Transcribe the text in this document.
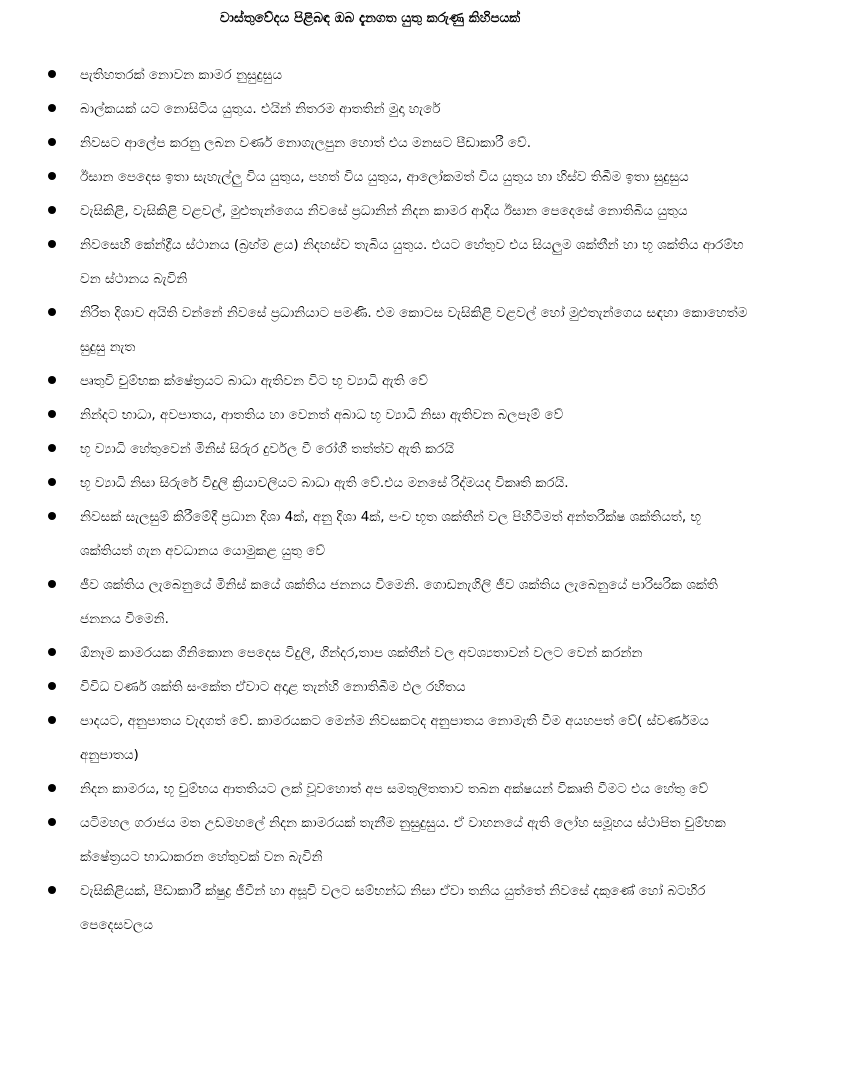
වාස්තුවේදය පිළිබඳ ඔබ දැනගත යුතු කරුණු කිහිපයක්
පැතිහතරක් නොවන කාමර නුසුදුසුය
බාල්කයක් යට නොසිටිය යුතුය. එයින් නිතරම ආතතින් මුදා හැරේ
නිවසට ආලේප කරනු ලබන වර්ණ නොගැලපුන හොත් එය මනසට පීඩාකාරී වේ.
ඊසාන පෙදෙස ඉතා සැහැල්ලු විය යුතුය, පහත් විය යුතුය, ආලෝකමත් විය යුතුය හා හිස්ව තිබීම ඉතා සුදුසුය
වැසිකිළි, වැසිකිළි වළවල්, මුළුතැන්ගෙය නිවසේ ප්‍රධානින් නිදන කාමර ආදිය ඊසාන පෙදෙසේ නොතිබිය යුතුය
නිවසෙහි කේන්ද්‍රීය ස්ථානය (බ්‍රහ්ම ළය) නිදහස්ව තැබිය යුතුය. එයට හේතුව එය සියලුම ශක්තීන් හා භූ ශක්තිය ආරම්භ වන ස්ථානය බැවිනි
නිරිත දිශාව අයිති වන්නේ නිවසේ ප්‍රධානියාට පමණි. එම කොටස වැසිකිළි වළවල් හෝ මුළුතැන්ගෙය සඳහා කොහෙත්ම සුදුසු නැත
පෘතුවි චුම්භක ක්ෂේත්‍රයට බාධා ඇතිවන විට භූ ව්‍යාධි ඇති වේ
නින්දට භාධා, අවපාතය, ආතතිය හා වෙනත් අබාධ භූ ව්‍යාධි නිසා ඇතිවන බලපෑම් වේ
භූ ව්‍යාධි හේතුවෙන් මිනිස් සිරුර දුර්වල වී රෝගී තත්ත්ව ඇති කරයි
භූ ව්‍යාධි නිසා සිරුරේ විදුලි ක්‍රියාවලියට බාධා ඇති වේ.එය මනසේ රිද්මයද විකෘති කරයි.
නිවසක් සැලසුම් කිරීමේදී ප්‍රධාන දිශා 4ක්, අනු දිශා 4ක්, පංච භූත ශක්තීන් වල පිහිටීමත් අන්තරීක්ෂ ශක්තියත්, භූ ශක්තියත් ගැන අවධානය යොමුකළ යුතු වේ
ජීව ශක්තිය ලැබෙනුයේ මිනිස් කයේ ශක්තිය ජනනය වීමෙනි. ගොඩනැගිලි ජීව ශක්තිය ලැබෙනුයේ පාරිසරික ශක්ති ජනනය වීමෙනි.
ඕනෑම කාමරයක ගිනිකොන පෙදෙස විදුලි, ගින්දර,තාප ශක්තීන් වල අවශ්‍යතාවන් වලට වෙන් කරන්න
විවිධ වර්ණ ශක්ති සංකේත ඒවාට අදාළ තැන්හි නොතිබීම ඵල රහිතය
පාදයට, අනුපාතය වැදගත් වේ. කාමරයකට මෙන්ම නිවසකටද අනුපාතය නොමැති වීම අයහපත් වේ( ස්වර්ණමය අනුපාතය)
නිදන කාමරය, භූ චුම්භය ආතතියට ලක් වූවහොත් අප සමතුලිතතාව තබන අක්ෂයන් විකෘති වීමට එය හේතු වේ
යටිමහල ගරාජය මත උඩමහලේ නිදන කාමරයක් තැනීම නුසුදුසුය. ඒ වාහනයේ ඇති ලෝහ සමූහය ස්ථාපිත චුම්භක ක්ෂේත්‍රයට භාධාකරන හේතුවක් වන බැවිනි
වැසිකිළියක්, පීඩාකාරී ක්ෂුද්‍ර ජීවීන් හා අසූචි වලට සම්භන්ධ නිසා ඒවා තනිය යුත්තේ නිවසේ දකුණේ හෝ බටහිර පෙදෙසවලය
